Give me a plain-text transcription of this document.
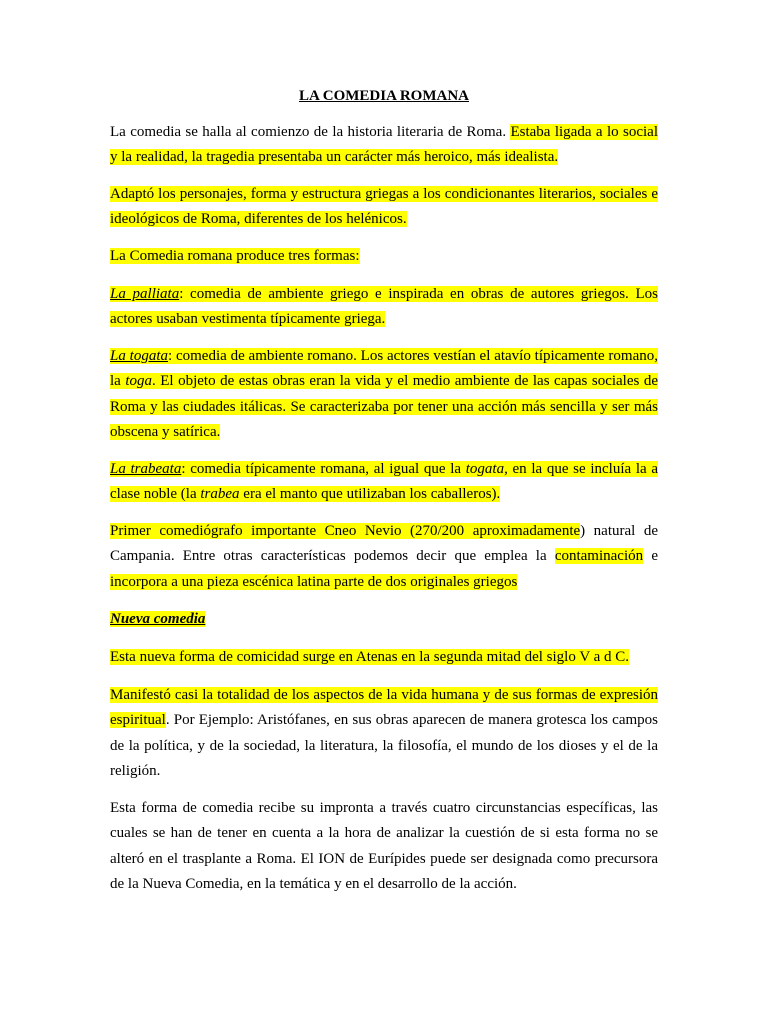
LA COMEDIA ROMANA

La comedia se halla al comienzo de la historia literaria de Roma. Estaba ligada a lo social y la realidad, la tragedia presentaba un carácter más heroico, más idealista.

Adaptó los personajes, forma y estructura griegas a los condicionantes literarios, sociales e ideológicos de Roma, diferentes de los helénicos.

La Comedia romana produce tres formas:

La palliata: comedia de ambiente griego e inspirada en obras de autores griegos. Los actores usaban vestimenta típicamente griega.

La togata: comedia de ambiente romano. Los actores vestían el atavío típicamente romano, la toga. El objeto de estas obras eran la vida y el medio ambiente de las capas sociales de Roma y las ciudades itálicas. Se caracterizaba por tener una acción más sencilla y ser más obscena y satírica.

La trabeata: comedia típicamente romana, al igual que la togata, en la que se incluía la a clase noble (la trabea era el manto que utilizaban los caballeros).

Primer comediógrafo importante Cneo Nevio (270/200 aproximadamente) natural de Campania. Entre otras características podemos decir que emplea la contaminación e incorpora a una pieza escénica latina parte de dos originales griegos

Nueva comedia

Esta nueva forma de comicidad surge en Atenas en la segunda mitad del siglo V a d C.

Manifestó casi la totalidad de los aspectos de la vida humana y de sus formas de expresión espiritual. Por Ejemplo: Aristófanes, en sus obras aparecen de manera grotesca los campos de la política, y de la sociedad, la literatura, la filosofía, el mundo de los dioses y el de la religión.

Esta forma de comedia recibe su impronta a través cuatro circunstancias específicas, las cuales se han de tener en cuenta a la hora de analizar la cuestión de si esta forma no se alteró en el trasplante a Roma. El ION de Eurípides puede ser designada como precursora de la Nueva Comedia, en la temática y en el desarrollo de la acción.
